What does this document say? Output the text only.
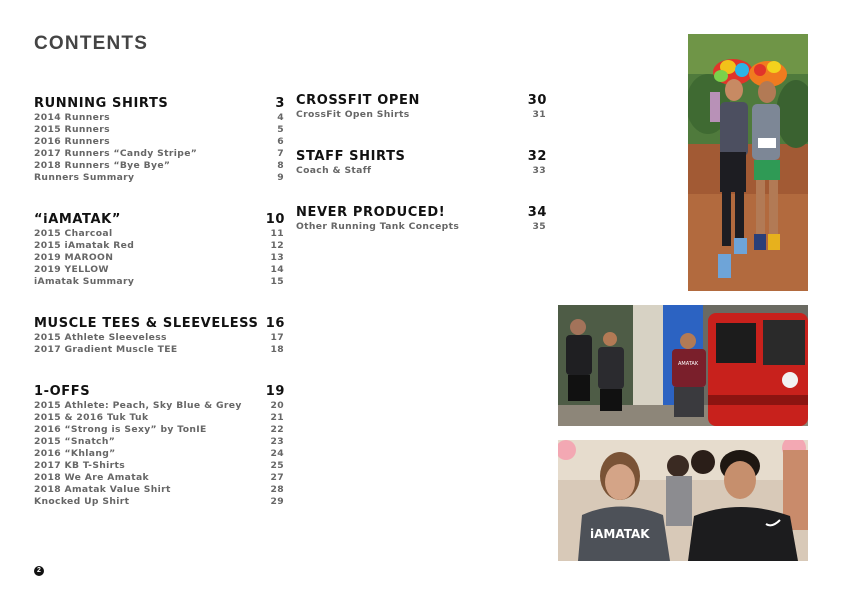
CONTENTS
RUNNING SHIRTS	3
2014 Runners	4
2015 Runners	5
2016 Runners	6
2017 Runners “Candy Stripe”	7
2018 Runners “Bye Bye”	8
Runners Summary	9
“iAMATAK”	10
2015 Charcoal	11
2015 iAmatak Red	12
2019 MAROON	13
2019 YELLOW	14
iAmatak Summary	15
MUSCLE TEES & SLEEVELESS 16
2015 Athlete Sleeveless	17
2017 Gradient Muscle TEE	18
1-OFFS	19
2015 Athlete: Peach, Sky Blue & Grey	20
2015 & 2016 Tuk Tuk	21
2016 “Strong is Sexy” by TonIE	22
2015 “Snatch”	23
2016 “Khlang”	24
2017 KB T-Shirts	25
2018 We Are Amatak	27
2018 Amatak Value Shirt	28
Knocked Up Shirt	29
CROSSFIT OPEN	30
CrossFit Open Shirts	31
STAFF SHIRTS	32
Coach & Staff	33
NEVER PRODUCED!	34
Other Running Tank Concepts	35
2
AMATAK
iAMATAK
